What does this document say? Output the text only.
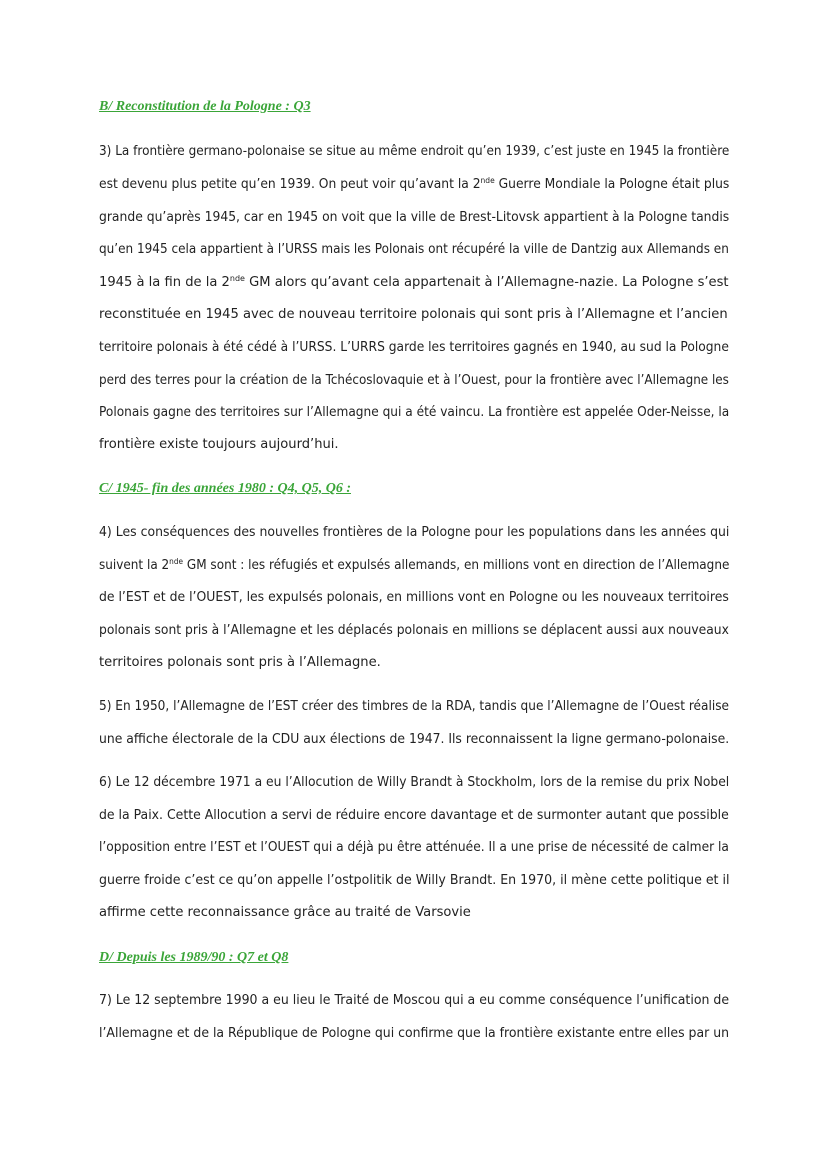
B/ Reconstitution de la Pologne : Q3

3) La frontière germano-polonaise se situe au même endroit qu’en 1939, c’est juste en 1945 la frontière

est devenu plus petite qu’en 1939. On peut voir qu’avant la 2nde Guerre Mondiale la Pologne était plus

grande qu’après 1945, car en 1945 on voit que la ville de Brest-Litovsk appartient à la Pologne tandis

qu’en 1945 cela appartient à l’URSS mais les Polonais ont récupéré la ville de Dantzig aux Allemands en

1945 à la fin de la 2nde GM alors qu’avant cela appartenait à l’Allemagne-nazie. La Pologne s’est

reconstituée en 1945 avec de nouveau territoire polonais qui sont pris à l’Allemagne et l’ancien

territoire polonais à été cédé à l’URSS. L’URRS garde les territoires gagnés en 1940, au sud la Pologne

perd des terres pour la création de la Tchécoslovaquie et à l’Ouest, pour la frontière avec l’Allemagne les

Polonais gagne des territoires sur l’Allemagne qui a été vaincu. La frontière est appelée Oder-Neisse, la

frontière existe toujours aujourd’hui.

C/ 1945- fin des années 1980 : Q4, Q5, Q6 :

4) Les conséquences des nouvelles frontières de la Pologne pour les populations dans les années qui

suivent la 2nde GM sont : les réfugiés et expulsés allemands, en millions vont en direction de l’Allemagne

de l’EST et de l’OUEST, les expulsés polonais, en millions vont en Pologne ou les nouveaux territoires

polonais sont pris à l’Allemagne et les déplacés polonais en millions se déplacent aussi aux nouveaux

territoires polonais sont pris à l’Allemagne.

5) En 1950, l’Allemagne de l’EST créer des timbres de la RDA, tandis que l’Allemagne de l’Ouest réalise

une affiche électorale de la CDU aux élections de 1947. Ils reconnaissent la ligne germano-polonaise.

6) Le 12 décembre 1971 a eu l’Allocution de Willy Brandt à Stockholm, lors de la remise du prix Nobel

de la Paix. Cette Allocution a servi de réduire encore davantage et de surmonter autant que possible

l’opposition entre l’EST et l’OUEST qui a déjà pu être atténuée. Il a une prise de nécessité de calmer la

guerre froide c’est ce qu’on appelle l’ostpolitik de Willy Brandt. En 1970, il mène cette politique et il

affirme cette reconnaissance grâce au traité de Varsovie

D/ Depuis les 1989/90 : Q7 et Q8

7) Le 12 septembre 1990 a eu lieu le Traité de Moscou qui a eu comme conséquence l’unification de

l’Allemagne et de la République de Pologne qui confirme que la frontière existante entre elles par un
